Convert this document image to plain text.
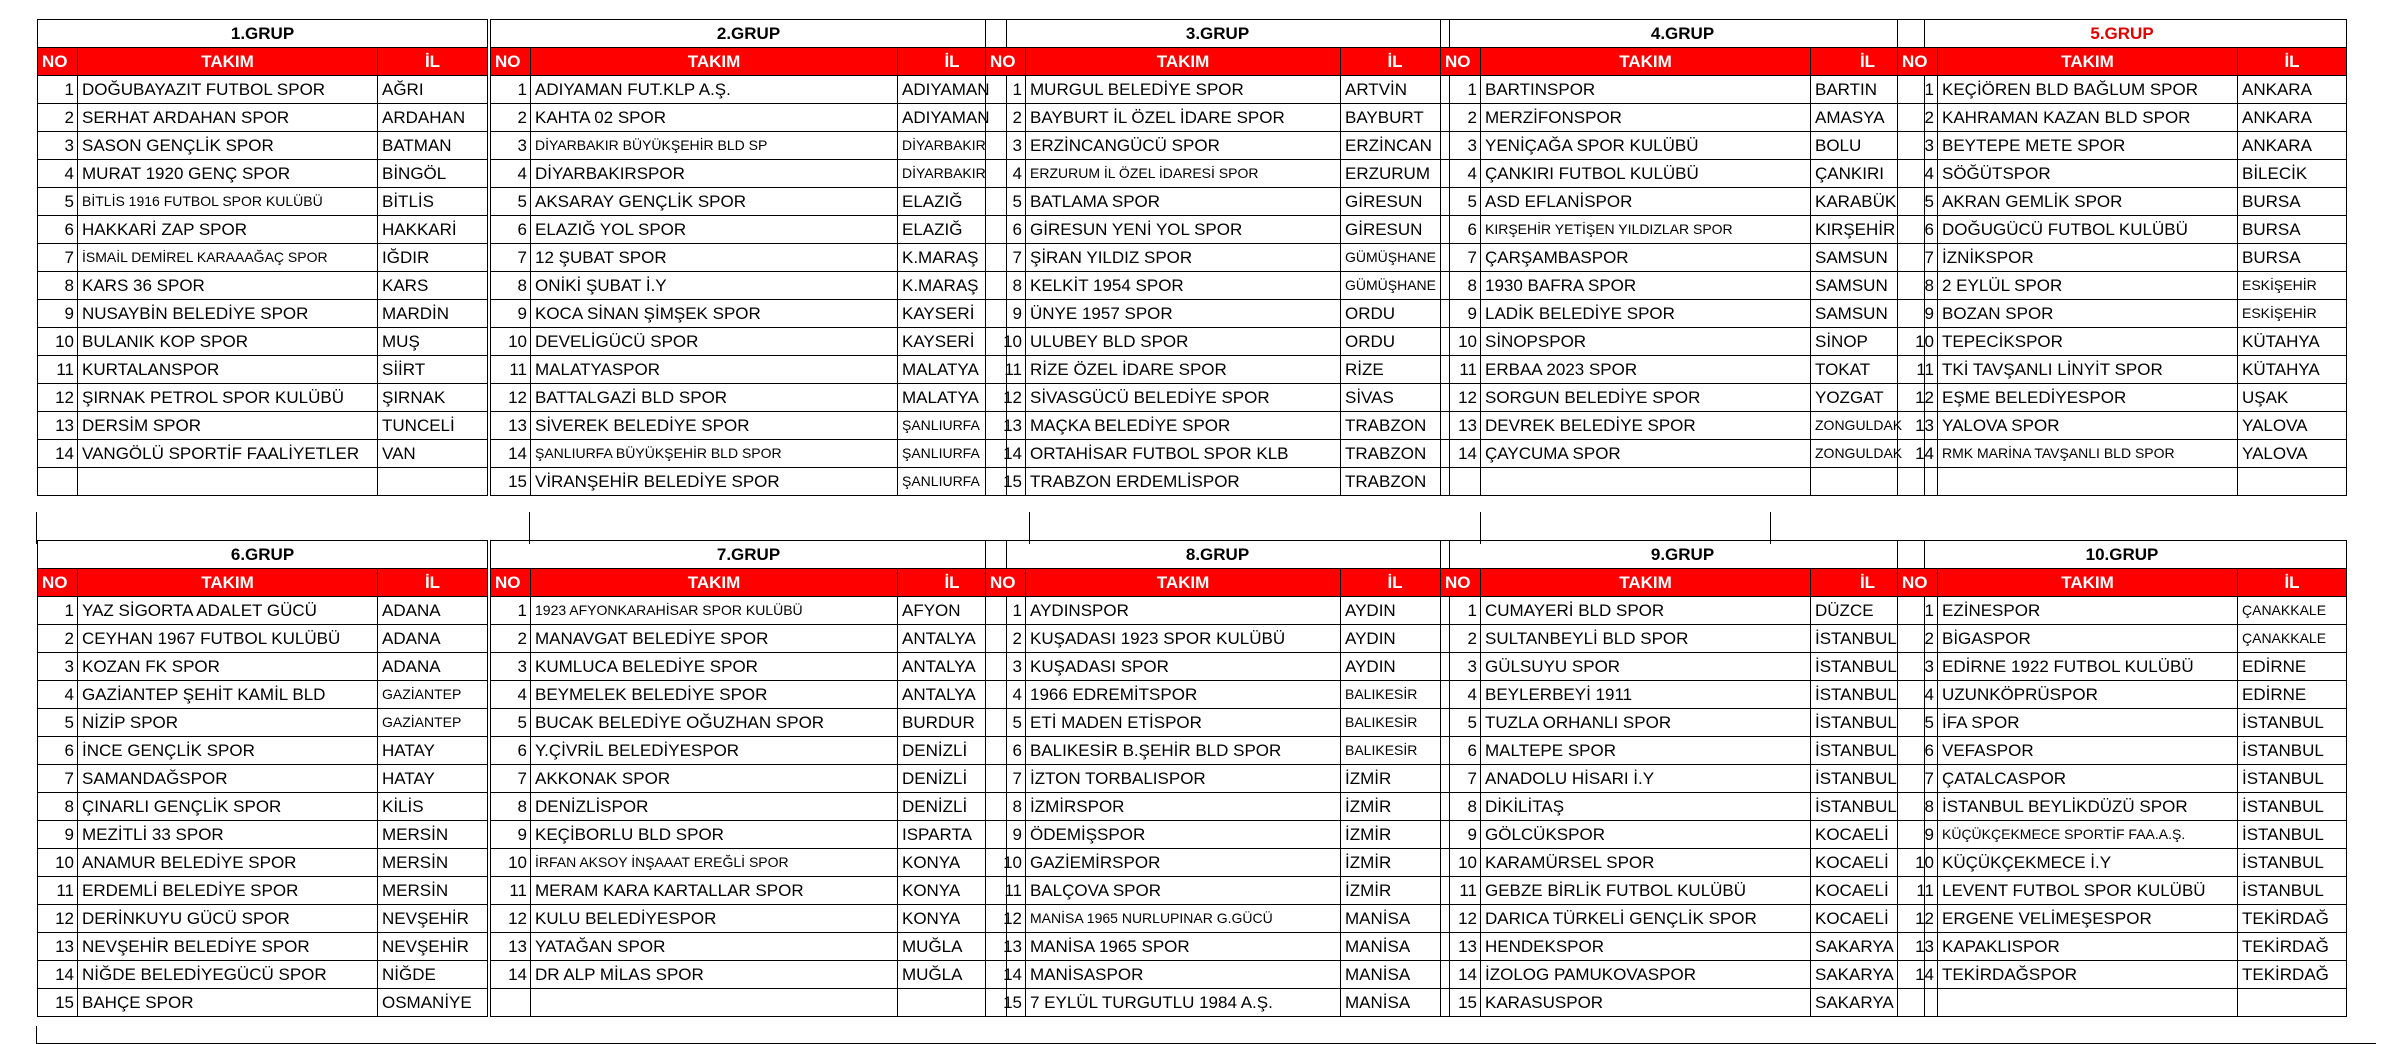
1.GRUP		
NO	TAKIM	İL
1	DOĞUBAYAZIT FUTBOL SPOR	AĞRI
2	SERHAT ARDAHAN SPOR	ARDAHAN
3	SASON GENÇLİK SPOR	BATMAN
4	MURAT 1920 GENÇ SPOR	BİNGÖL
5	BİTLİS 1916 FUTBOL SPOR KULÜBÜ	BİTLİS
6	HAKKARİ ZAP SPOR	HAKKARİ
7	İSMAİL DEMİREL KARAAAĞAÇ SPOR	IĞDIR
8	KARS 36 SPOR	KARS
9	NUSAYBİN BELEDİYE SPOR	MARDİN
10	BULANIK KOP SPOR	MUŞ
11	KURTALANSPOR	SİİRT
12	ŞIRNAK PETROL SPOR KULÜBÜ	ŞIRNAK
13	DERSİM SPOR	TUNCELİ
14	VANGÖLÜ SPORTİF FAALİYETLER	VAN

2.GRUP		
NO	TAKIM	İL
1	ADIYAMAN FUT.KLP A.Ş.	ADIYAMAN
2	KAHTA 02 SPOR	ADIYAMAN
3	DİYARBAKIR BÜYÜKŞEHİR BLD SP	DİYARBAKIR
4	DİYARBAKIRSPOR	DİYARBAKIR
5	AKSARAY GENÇLİK SPOR	ELAZIĞ
6	ELAZIĞ YOL SPOR	ELAZIĞ
7	12 ŞUBAT SPOR	K.MARAŞ
8	ONİKİ ŞUBAT İ.Y	K.MARAŞ
9	KOCA SİNAN ŞİMŞEK SPOR	KAYSERİ
10	DEVELİGÜCÜ SPOR	KAYSERİ
11	MALATYASPOR	MALATYA
12	BATTALGAZİ BLD SPOR	MALATYA
13	SİVEREK BELEDİYE SPOR	ŞANLIURFA
14	ŞANLIURFA BÜYÜKŞEHİR BLD SPOR	ŞANLIURFA
15	VİRANŞEHİR BELEDİYE SPOR	ŞANLIURFA
3.GRUP		
NO	TAKIM	İL
1	MURGUL BELEDİYE SPOR	ARTVİN
2	BAYBURT İL ÖZEL İDARE SPOR	BAYBURT
3	ERZİNCANGÜCÜ SPOR	ERZİNCAN
4	ERZURUM İL ÖZEL İDARESİ SPOR	ERZURUM
5	BATLAMA SPOR	GİRESUN
6	GİRESUN YENİ YOL SPOR	GİRESUN
7	ŞİRAN YILDIZ SPOR	GÜMÜŞHANE
8	KELKİT 1954 SPOR	GÜMÜŞHANE
9	ÜNYE 1957 SPOR	ORDU
10	ULUBEY BLD SPOR	ORDU
11	RİZE ÖZEL İDARE SPOR	RİZE
12	SİVASGÜCÜ BELEDİYE SPOR	SİVAS
13	MAÇKA BELEDİYE SPOR	TRABZON
14	ORTAHİSAR FUTBOL SPOR KLB	TRABZON
15	TRABZON ERDEMLİSPOR	TRABZON
4.GRUP		
NO	TAKIM	İL
1	BARTINSPOR	BARTIN
2	MERZİFONSPOR	AMASYA
3	YENİÇAĞA SPOR KULÜBÜ	BOLU
4	ÇANKIRI FUTBOL KULÜBÜ	ÇANKIRI
5	ASD EFLANİSPOR	KARABÜK
6	KIRŞEHİR YETİŞEN YILDIZLAR SPOR	KIRŞEHİR
7	ÇARŞAMBASPOR	SAMSUN
8	1930 BAFRA SPOR	SAMSUN
9	LADİK BELEDİYE SPOR	SAMSUN
10	SİNOPSPOR	SİNOP
11	ERBAA 2023 SPOR	TOKAT
12	SORGUN BELEDİYE SPOR	YOZGAT
13	DEVREK BELEDİYE SPOR	ZONGULDAK
14	ÇAYCUMA SPOR	ZONGULDAK

5.GRUP		
NO	TAKIM	İL
1	KEÇİÖREN BLD BAĞLUM SPOR	ANKARA
2	KAHRAMAN KAZAN BLD SPOR	ANKARA
3	BEYTEPE METE SPOR	ANKARA
4	SÖĞÜTSPOR	BİLECİK
5	AKRAN GEMLİK SPOR	BURSA
6	DOĞUGÜCÜ FUTBOL KULÜBÜ	BURSA
7	İZNİKSPOR	BURSA
8	2 EYLÜL SPOR	ESKİŞEHİR
9	BOZAN SPOR	ESKİŞEHİR
10	TEPECİKSPOR	KÜTAHYA
11	TKİ TAVŞANLI LİNYİT SPOR	KÜTAHYA
12	EŞME BELEDİYESPOR	UŞAK
13	YALOVA SPOR	YALOVA
14	RMK MARİNA TAVŞANLI BLD SPOR	YALOVA

6.GRUP		
NO	TAKIM	İL
1	YAZ SİGORTA ADALET GÜCÜ	ADANA
2	CEYHAN 1967 FUTBOL KULÜBÜ	ADANA
3	KOZAN FK SPOR	ADANA
4	GAZİANTEP ŞEHİT KAMİL BLD	GAZİANTEP
5	NİZİP SPOR	GAZİANTEP
6	İNCE GENÇLİK SPOR	HATAY
7	SAMANDAĞSPOR	HATAY
8	ÇINARLI GENÇLİK SPOR	KİLİS
9	MEZİTLİ 33 SPOR	MERSİN
10	ANAMUR BELEDİYE SPOR	MERSİN
11	ERDEMLİ BELEDİYE SPOR	MERSİN
12	DERİNKUYU GÜCÜ SPOR	NEVŞEHİR
13	NEVŞEHİR BELEDİYE SPOR	NEVŞEHİR
14	NİĞDE BELEDİYEGÜCÜ SPOR	NİĞDE
15	BAHÇE SPOR	OSMANİYE
7.GRUP		
NO	TAKIM	İL
1	1923 AFYONKARAHİSAR SPOR KULÜBÜ	AFYON
2	MANAVGAT BELEDİYE SPOR	ANTALYA
3	KUMLUCA BELEDİYE SPOR	ANTALYA
4	BEYMELEK BELEDİYE SPOR	ANTALYA
5	BUCAK BELEDİYE OĞUZHAN SPOR	BURDUR
6	Y.ÇİVRİL BELEDİYESPOR	DENİZLİ
7	AKKONAK SPOR	DENİZLİ
8	DENİZLİSPOR	DENİZLİ
9	KEÇİBORLU BLD SPOR	ISPARTA
10	İRFAN AKSOY İNŞAAAT EREĞLİ SPOR	KONYA
11	MERAM KARA KARTALLAR SPOR	KONYA
12	KULU BELEDİYESPOR	KONYA
13	YATAĞAN SPOR	MUĞLA
14	DR ALP MİLAS SPOR	MUĞLA

8.GRUP		
NO	TAKIM	İL
1	AYDINSPOR	AYDIN
2	KUŞADASI 1923 SPOR KULÜBÜ	AYDIN
3	KUŞADASI SPOR	AYDIN
4	1966 EDREMİTSPOR	BALIKESİR
5	ETİ MADEN ETİSPOR	BALIKESİR
6	BALIKESİR B.ŞEHİR BLD SPOR	BALIKESİR
7	İZTON TORBALISPOR	İZMİR
8	İZMİRSPOR	İZMİR
9	ÖDEMİŞSPOR	İZMİR
10	GAZİEMİRSPOR	İZMİR
11	BALÇOVA SPOR	İZMİR
12	MANİSA 1965 NURLUPINAR G.GÜCÜ	MANİSA
13	MANİSA 1965 SPOR	MANİSA
14	MANİSASPOR	MANİSA
15	7 EYLÜL TURGUTLU 1984 A.Ş.	MANİSA
9.GRUP		
NO	TAKIM	İL
1	CUMAYERİ BLD SPOR	DÜZCE
2	SULTANBEYLİ BLD SPOR	İSTANBUL
3	GÜLSUYU SPOR	İSTANBUL
4	BEYLERBEYİ 1911	İSTANBUL
5	TUZLA ORHANLI SPOR	İSTANBUL
6	MALTEPE SPOR	İSTANBUL
7	ANADOLU HİSARI İ.Y	İSTANBUL
8	DİKİLİTAŞ	İSTANBUL
9	GÖLCÜKSPOR	KOCAELİ
10	KARAMÜRSEL SPOR	KOCAELİ
11	GEBZE BİRLİK FUTBOL KULÜBÜ	KOCAELİ
12	DARICA TÜRKELİ GENÇLİK SPOR	KOCAELİ
13	HENDEKSPOR	SAKARYA
14	İZOLOG PAMUKOVASPOR	SAKARYA
15	KARASUSPOR	SAKARYA
10.GRUP		
NO	TAKIM	İL
1	EZİNESPOR	ÇANAKKALE
2	BİGASPOR	ÇANAKKALE
3	EDİRNE 1922 FUTBOL KULÜBÜ	EDİRNE
4	UZUNKÖPRÜSPOR	EDİRNE
5	İFA SPOR	İSTANBUL
6	VEFASPOR	İSTANBUL
7	ÇATALCASPOR	İSTANBUL
8	İSTANBUL BEYLİKDÜZÜ SPOR	İSTANBUL
9	KÜÇÜKÇEKMECE SPORTİF FAA.A.Ş.	İSTANBUL
10	KÜÇÜKÇEKMECE İ.Y	İSTANBUL
11	LEVENT FUTBOL SPOR KULÜBÜ	İSTANBUL
12	ERGENE VELİMEŞESPOR	TEKİRDAĞ
13	KAPAKLISPOR	TEKİRDAĞ
14	TEKİRDAĞSPOR	TEKİRDAĞ
